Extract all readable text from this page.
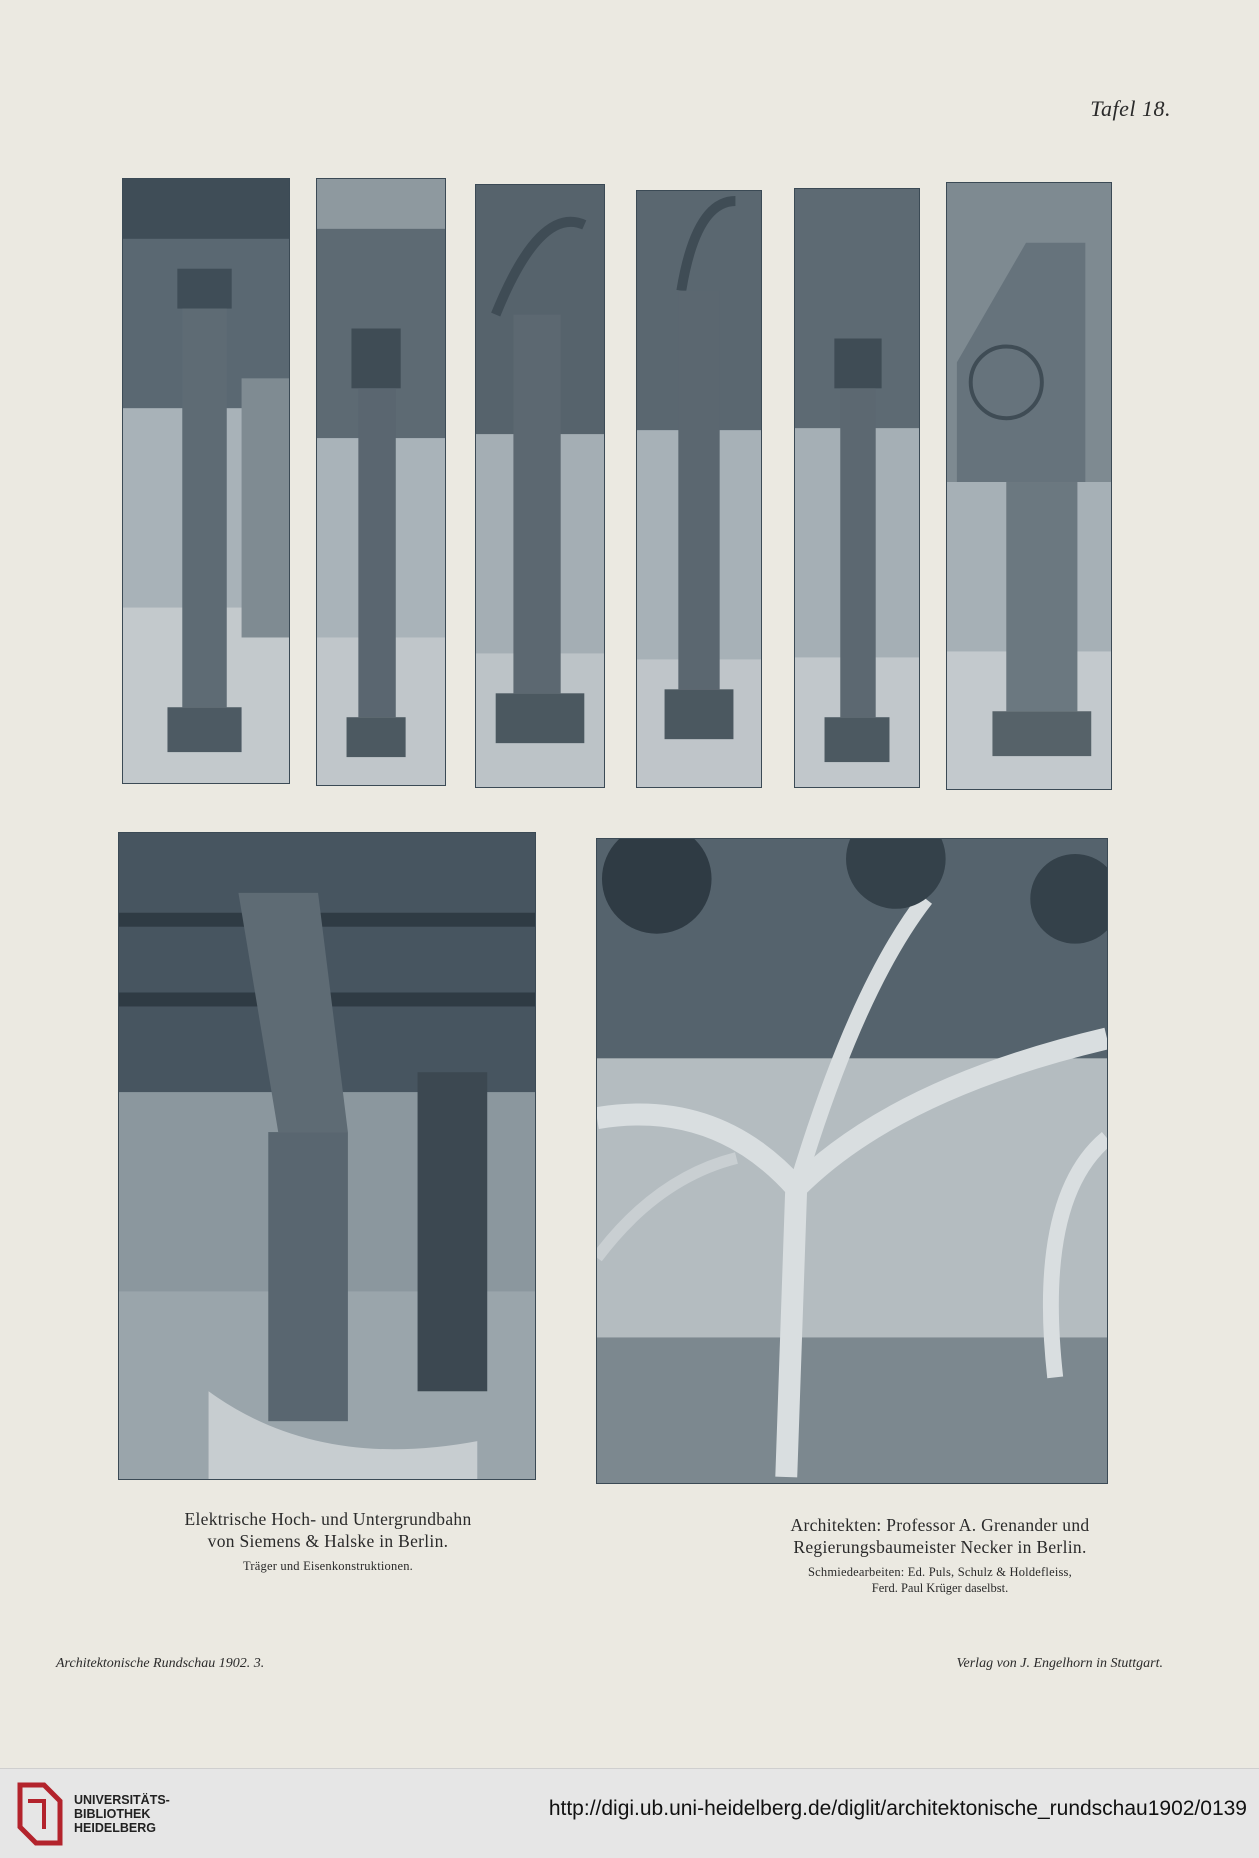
Tafel 18.
Elektrische Hoch- und Untergrundbahn
von Siemens & Halske in Berlin.
Träger und Eisenkonstruktionen.
Architekten: Professor A. Grenander und
Regierungsbaumeister Necker in Berlin.
Schmiedearbeiten: Ed. Puls, Schulz & Holdefleiss,
Ferd. Paul Krüger daselbst.
Architektonische Rundschau 1902. 3.	Verlag von J. Engelhorn in Stuttgart.
UNIVERSITÄTS-
BIBLIOTHEK
HEIDELBERG
http://digi.ub.uni-heidelberg.de/diglit/architektonische_rundschau1902/0139
